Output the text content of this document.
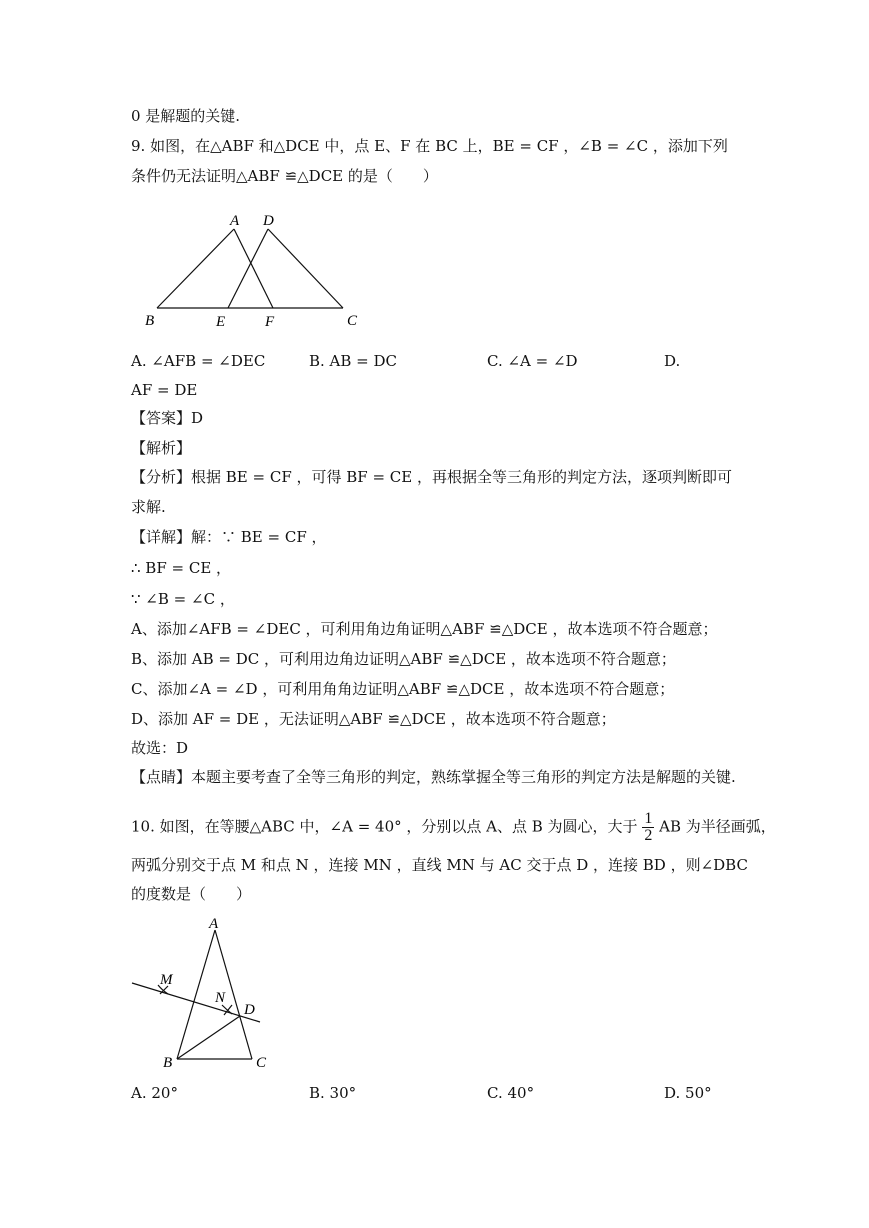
0 是解题的关键.
9. 如图，在△ABF 和△DCE 中，点 E、F 在 BC 上，BE = CF ，∠B = ∠C ，添加下列
条件仍无法证明△ABF ≌△DCE 的是（　　）
A D
B	E	F	C
A. ∠AFB = ∠DEC	B. AB = DC	C. ∠A = ∠D	D.
AF = DE
【答案】D
【解析】
【分析】根据 BE = CF ，可得 BF = CE ，再根据全等三角形的判定方法，逐项判断即可
求解.
【详解】解：∵ BE = CF ，
∴ BF = CE ，
∵ ∠B = ∠C ，
A、添加∠AFB = ∠DEC ，可利用角边角证明△ABF ≌△DCE ，故本选项不符合题意；
B、添加 AB = DC ，可利用边角边证明△ABF ≌△DCE ，故本选项不符合题意；
C、添加∠A = ∠D ，可利用角角边证明△ABF ≌△DCE ，故本选项不符合题意；
D、添加 AF = DE ，无法证明△ABF ≌△DCE ，故本选项不符合题意；
故选：D
【点睛】本题主要考查了全等三角形的判定，熟练掌握全等三角形的判定方法是解题的关键.
10. 如图，在等腰△ABC 中，∠A = 40° ，分别以点 A、点 B 为圆心，大于 $\frac{1}{2}$ AB 为半径画弧，
两弧分别交于点 M 和点 N ，连接 MN ，直线 MN 与 AC 交于点 D ，连接 BD ，则∠DBC
的度数是（　　）
A
M
N
D
B	C
A. 20°	B. 30°	C. 40°	D. 50°
